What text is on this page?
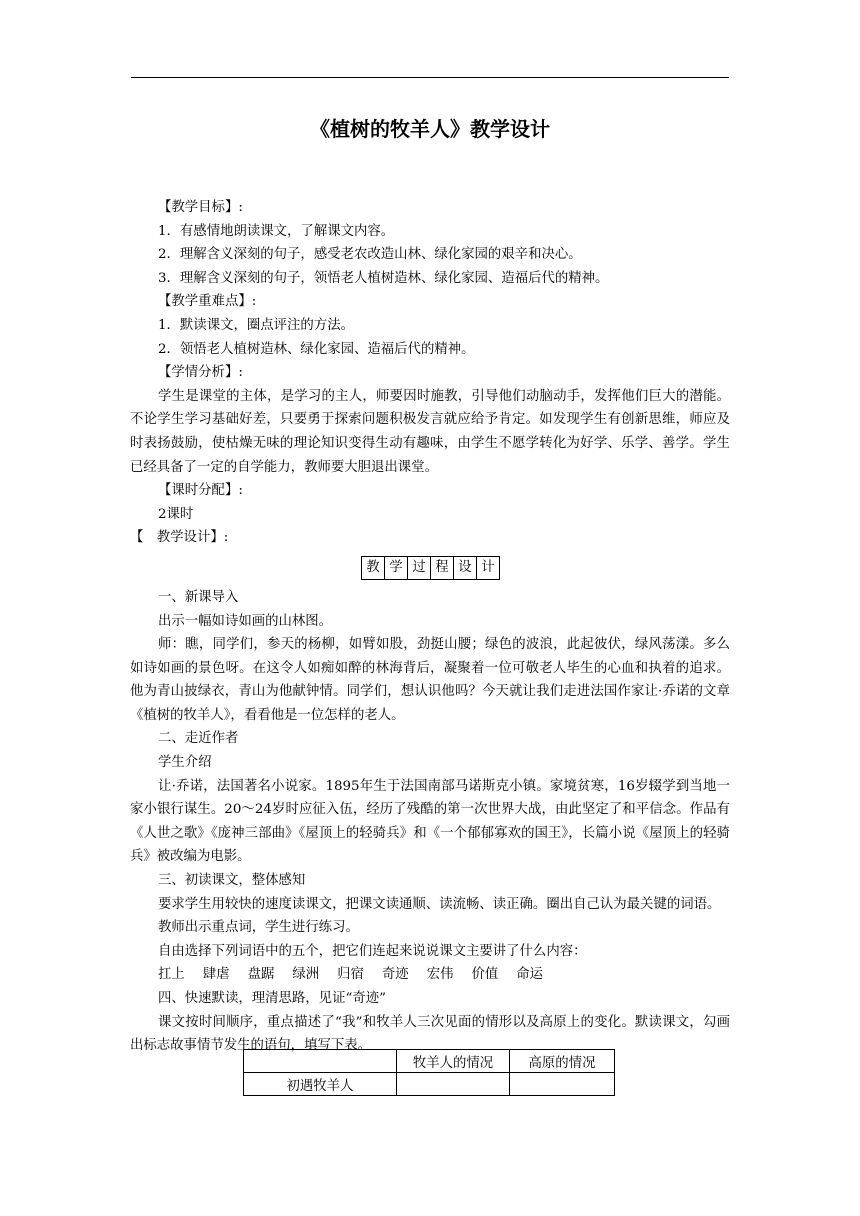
《植树的牧羊人》教学设计

【教学目标】:

1．有感情地朗读课文，了解课文内容。

2．理解含义深刻的句子，感受老农改造山林、绿化家园的艰辛和决心。

3．理解含义深刻的句子，领悟老人植树造林、绿化家园、造福后代的精神。

【教学重难点】:

1．默读课文，圈点评注的方法。

2．领悟老人植树造林、绿化家园、造福后代的精神。

【学情分析】:

学生是课堂的主体，是学习的主人，师要因时施教，引导他们动脑动手，发挥他们巨大的潜能。不论学生学习基础好差，只要勇于探索问题积极发言就应给予肯定。如发现学生有创新思维，师应及时表扬鼓励，使枯燥无味的理论知识变得生动有趣味，由学生不愿学转化为好学、乐学、善学。学生已经具备了一定的自学能力，教师要大胆退出课堂。

【课时分配】:

2课时

【　教学设计】:

教 学 过 程 设 计

一、新课导入

出示一幅如诗如画的山林图。

师：瞧，同学们，参天的杨柳，如臂如股，劲挺山腰；绿色的波浪，此起彼伏，绿风荡漾。多么如诗如画的景色呀。在这令人如痴如醉的林海背后，凝聚着一位可敬老人毕生的心血和执着的追求。他为青山披绿衣，青山为他献钟情。同学们，想认识他吗？今天就让我们走进法国作家让·乔诺的文章《植树的牧羊人》，看看他是一位怎样的老人。

二、走近作者

学生介绍

让·乔诺，法国著名小说家。1895年生于法国南部马诺斯克小镇。家境贫寒，16岁辍学到当地一家小银行谋生。20～24岁时应征入伍，经历了残酷的第一次世界大战，由此坚定了和平信念。作品有《人世之歌》《庞神三部曲》《屋顶上的轻骑兵》和《一个郁郁寡欢的国王》，长篇小说《屋顶上的轻骑兵》被改编为电影。

三、初读课文，整体感知

要求学生用较快的速度读课文，把课文读通顺、读流畅、读正确。圈出自己认为最关键的词语。

教师出示重点词，学生进行练习。

自由选择下列词语中的五个，把它们连起来说说课文主要讲了什么内容：

扛上 肆虐 盘踞 绿洲 归宿 奇迹 宏伟 价值 命运

四、快速默读，理清思路，见证“奇迹”

课文按时间顺序，重点描述了“我”和牧羊人三次见面的情形以及高原上的变化。默读课文，勾画出标志故事情节发生的语句，填写下表。

	牧羊人的情况	高原的情况
初遇牧羊人		
